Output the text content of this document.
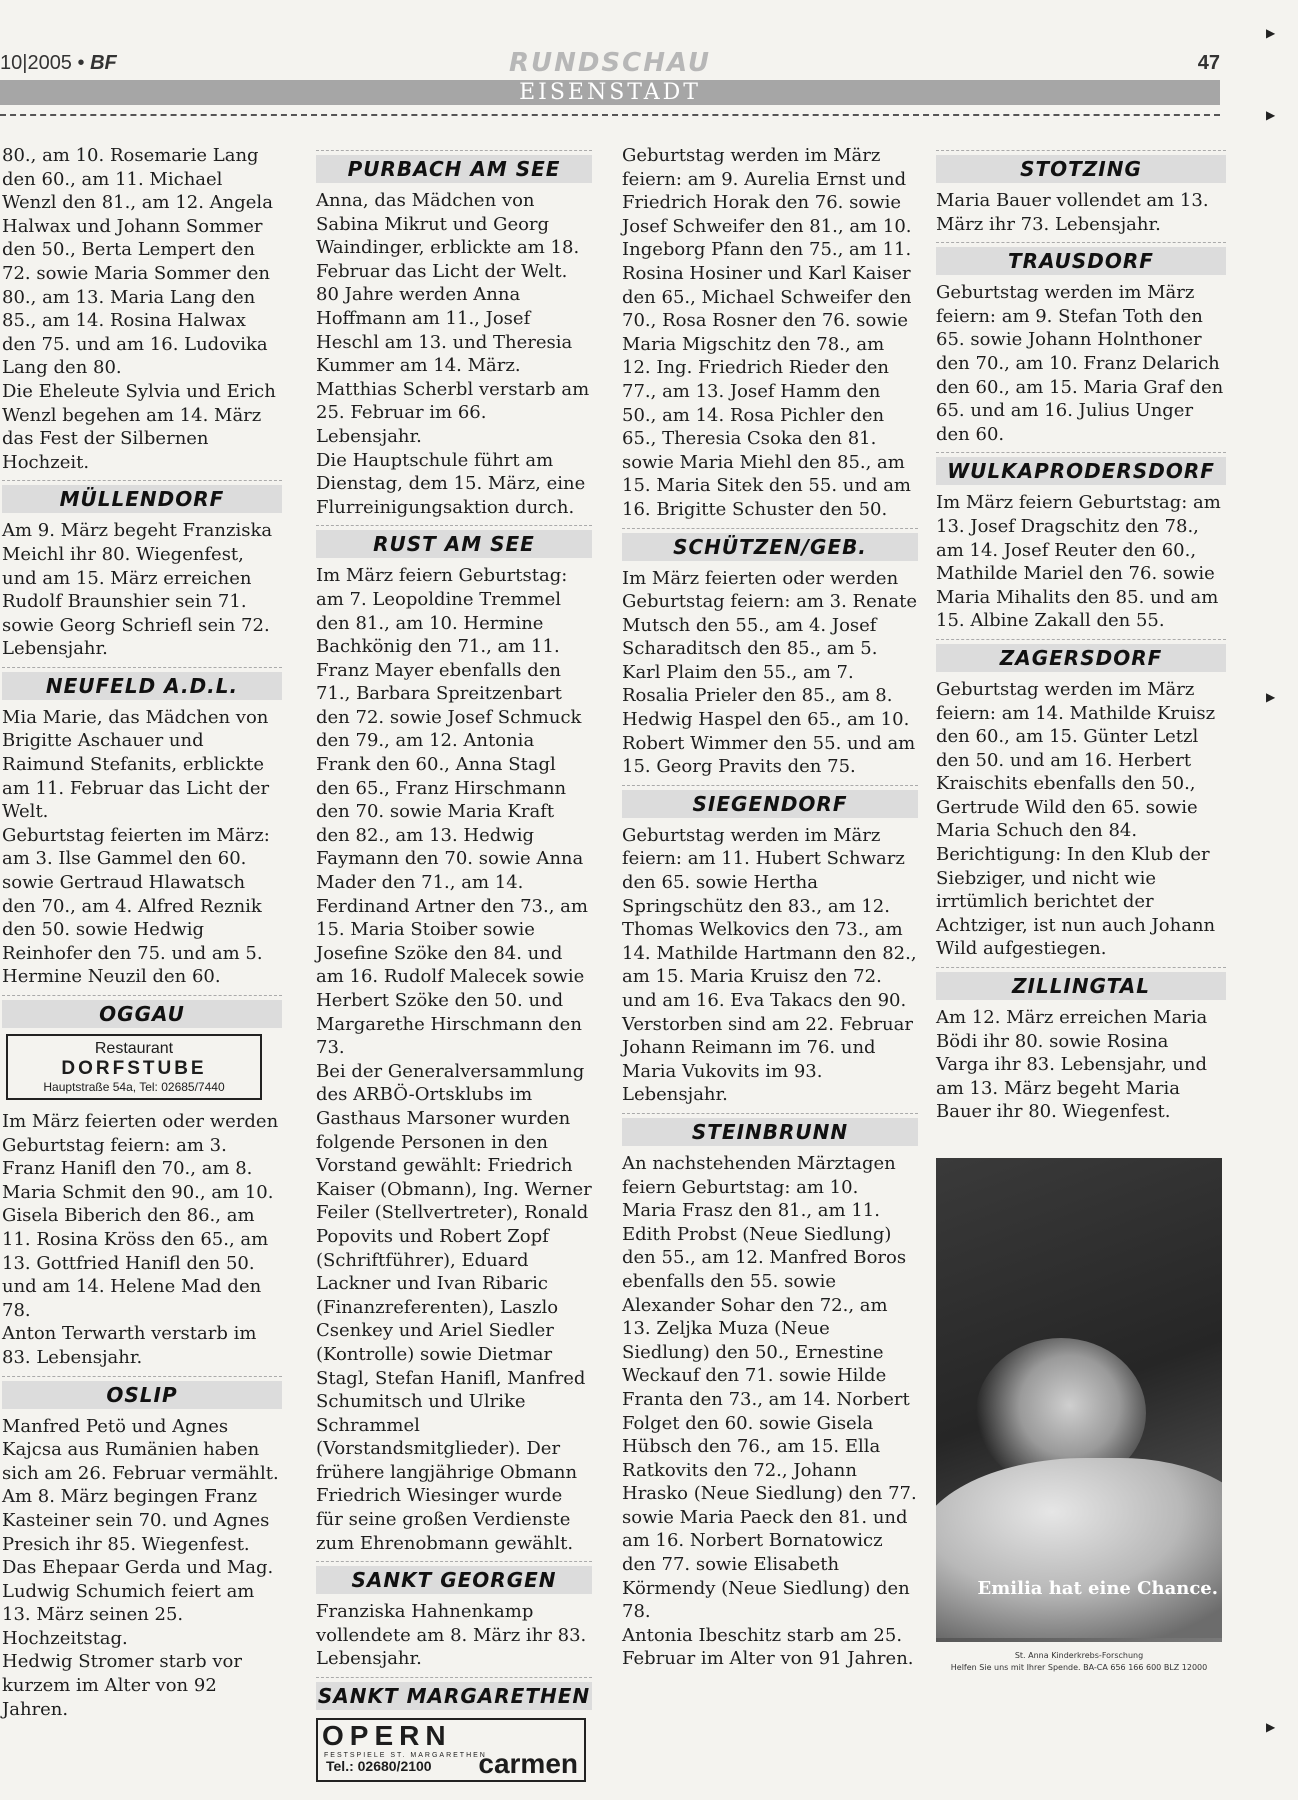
10|2005 • BF	RUNDSCHAU	47
EISENSTADT

80., am 10. Rosemarie Lang den 60., am 11. Michael Wenzl den 81., am 12. Angela Halwax und Johann Sommer den 50., Berta Lempert den 72. sowie Maria Sommer den 80., am 13. Maria Lang den 85., am 14. Rosina Halwax den 75. und am 16. Ludovika Lang den 80.

Die Eheleute Sylvia und Erich Wenzl begehen am 14. März das Fest der Silbernen Hochzeit.

MÜLLENDORF

Am 9. März begeht Franziska Meichl ihr 80. Wiegenfest, und am 15. März erreichen Rudolf Braunshier sein 71. sowie Georg Schriefl sein 72. Lebensjahr.

NEUFELD A.D.L.

Mia Marie, das Mädchen von Brigitte Aschauer und Raimund Stefanits, erblickte am 11. Februar das Licht der Welt.

Geburtstag feierten im März: am 3. Ilse Gammel den 60. sowie Gertraud Hlawatsch den 70., am 4. Alfred Reznik den 50. sowie Hedwig Reinhofer den 75. und am 5. Hermine Neuzil den 60.

OGGAU
Restaurant
DORFSTUBE
Hauptstraße 54a, Tel: 02685/7440

Im März feierten oder werden Geburtstag feiern: am 3. Franz Hanifl den 70., am 8. Maria Schmit den 90., am 10. Gisela Biberich den 86., am 11. Rosina Kröss den 65., am 13. Gottfried Hanifl den 50. und am 14. Helene Mad den 78.

Anton Terwarth verstarb im 83. Lebensjahr.

OSLIP

Manfred Petö und Agnes Kajcsa aus Rumänien haben sich am 26. Februar vermählt.

Am 8. März begingen Franz Kasteiner sein 70. und Agnes Presich ihr 85. Wiegenfest.

Das Ehepaar Gerda und Mag. Ludwig Schumich feiert am 13. März seinen 25. Hochzeitstag.

Hedwig Stromer starb vor kurzem im Alter von 92 Jahren.

PURBACH AM SEE

Anna, das Mädchen von Sabina Mikrut und Georg Waindinger, erblickte am 18. Februar das Licht der Welt.

80 Jahre werden Anna Hoffmann am 11., Josef Heschl am 13. und Theresia Kummer am 14. März.

Matthias Scherbl verstarb am 25. Februar im 66. Lebensjahr.

Die Hauptschule führt am Dienstag, dem 15. März, eine Flurreinigungsaktion durch.

RUST AM SEE

Im März feiern Geburtstag: am 7. Leopoldine Tremmel den 81., am 10. Hermine Bachkönig den 71., am 11. Franz Mayer ebenfalls den 71., Barbara Spreitzenbart den 72. sowie Josef Schmuck den 79., am 12. Antonia Frank den 60., Anna Stagl den 65., Franz Hirschmann den 70. sowie Maria Kraft den 82., am 13. Hedwig Faymann den 70. sowie Anna Mader den 71., am 14. Ferdinand Artner den 73., am 15. Maria Stoiber sowie Josefine Szöke den 84. und am 16. Rudolf Malecek sowie Herbert Szöke den 50. und Margarethe Hirschmann den 73.

Bei der Generalversammlung des ARBÖ-Ortsklubs im Gasthaus Marsoner wurden folgende Personen in den Vorstand gewählt: Friedrich Kaiser (Obmann), Ing. Werner Feiler (Stellvertreter), Ronald Popovits und Robert Zopf (Schriftführer), Eduard Lackner und Ivan Ribaric (Finanzreferenten), Laszlo Csenkey und Ariel Siedler (Kontrolle) sowie Dietmar Stagl, Stefan Hanifl, Manfred Schumitsch und Ulrike Schrammel (Vorstandsmitglieder). Der frühere langjährige Obmann Friedrich Wiesinger wurde für seine großen Verdienste zum Ehrenobmann gewählt.

SANKT GEORGEN

Franziska Hahnenkamp vollendete am 8. März ihr 83. Lebensjahr.

SANKT MARGARETHEN
OPERN
FESTSPIELE ST. MARGARETHEN
Tel.: 02680/2100 carmen

Geburtstag werden im März feiern: am 9. Aurelia Ernst und Friedrich Horak den 76. sowie Josef Schweifer den 81., am 10. Ingeborg Pfann den 75., am 11. Rosina Hosiner und Karl Kaiser den 65., Michael Schweifer den 70., Rosa Rosner den 76. sowie Maria Migschitz den 78., am 12. Ing. Friedrich Rieder den 77., am 13. Josef Hamm den 50., am 14. Rosa Pichler den 65., Theresia Csoka den 81. sowie Maria Miehl den 85., am 15. Maria Sitek den 55. und am 16. Brigitte Schuster den 50.

SCHÜTZEN/GEB.

Im März feierten oder werden Geburtstag feiern: am 3. Renate Mutsch den 55., am 4. Josef Scharaditsch den 85., am 5. Karl Plaim den 55., am 7. Rosalia Prieler den 85., am 8. Hedwig Haspel den 65., am 10. Robert Wimmer den 55. und am 15. Georg Pravits den 75.

SIEGENDORF

Geburtstag werden im März feiern: am 11. Hubert Schwarz den 65. sowie Hertha Springschütz den 83., am 12. Thomas Welkovics den 73., am 14. Mathilde Hartmann den 82., am 15. Maria Kruisz den 72. und am 16. Eva Takacs den 90. Verstorben sind am 22. Februar Johann Reimann im 76. und Maria Vukovits im 93. Lebensjahr.

STEINBRUNN

An nachstehenden Märztagen feiern Geburtstag: am 10. Maria Frasz den 81., am 11. Edith Probst (Neue Siedlung) den 55., am 12. Manfred Boros ebenfalls den 55. sowie Alexander Sohar den 72., am 13. Zeljka Muza (Neue Siedlung) den 50., Ernestine Weckauf den 71. sowie Hilde Franta den 73., am 14. Norbert Folget den 60. sowie Gisela Hübsch den 76., am 15. Ella Ratkovits den 72., Johann Hrasko (Neue Siedlung) den 77. sowie Maria Paeck den 81. und am 16. Norbert Bornatowicz den 77. sowie Elisabeth Körmendy (Neue Siedlung) den 78.

Antonia Ibeschitz starb am 25. Februar im Alter von 91 Jahren.

STOTZING

Maria Bauer vollendet am 13. März ihr 73. Lebensjahr.

TRAUSDORF

Geburtstag werden im März feiern: am 9. Stefan Toth den 65. sowie Johann Holnthoner den 70., am 10. Franz Delarich den 60., am 15. Maria Graf den 65. und am 16. Julius Unger den 60.

WULKAPRODERSDORF

Im März feiern Geburtstag: am 13. Josef Dragschitz den 78., am 14. Josef Reuter den 60., Mathilde Mariel den 76. sowie Maria Mihalits den 85. und am 15. Albine Zakall den 55.

ZAGERSDORF

Geburtstag werden im März feiern: am 14. Mathilde Kruisz den 60., am 15. Günter Letzl den 50. und am 16. Herbert Kraischits ebenfalls den 50., Gertrude Wild den 65. sowie Maria Schuch den 84.

Berichtigung: In den Klub der Siebziger, und nicht wie irrtümlich berichtet der Achtziger, ist nun auch Johann Wild aufgestiegen.

ZILLINGTAL

Am 12. März erreichen Maria Bödi ihr 80. sowie Rosina Varga ihr 83. Lebensjahr, und am 13. März begeht Maria Bauer ihr 80. Wiegenfest.

Emilia hat eine Chance.
St. Anna Kinderkrebs-Forschung
Helfen Sie uns mit Ihrer Spende. BA-CA 656 166 600 BLZ 12000
▶
▶
▶
▶
